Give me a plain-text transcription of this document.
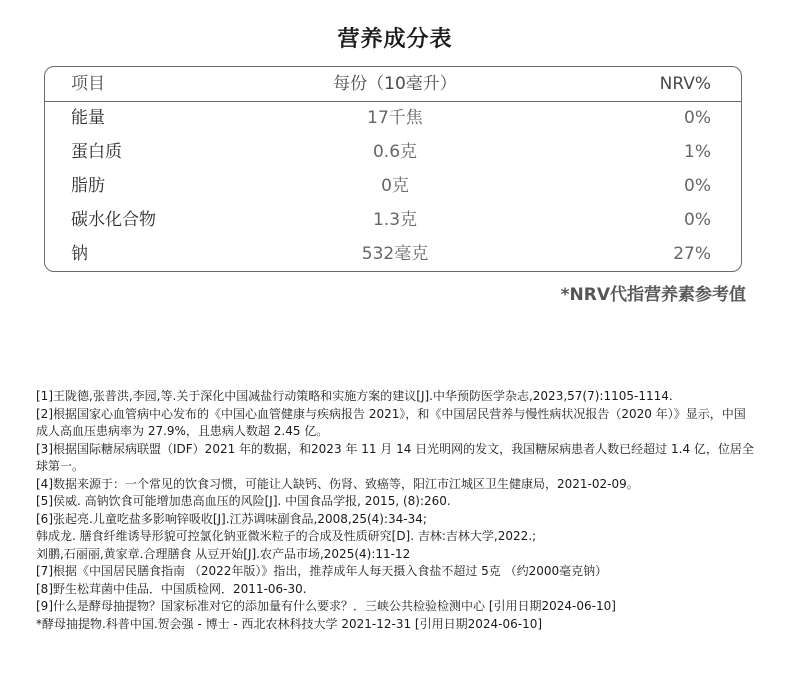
营养成分表
项目	每份（10毫升）	NRV%
能量	17千焦	0%
蛋白质	0.6克	1%
脂肪	0克	0%
碳水化合物	1.3克	0%
钠	532毫克	27%
*NRV代指营养素参考值

[1]王陇德,张普洪,李园,等.关于深化中国减盐行动策略和实施方案的建议[J].中华预防医学杂志,2023,57(7):1105-1114.

[2]根据国家心血管病中心发布的《中国心血管健康与疾病报告 2021》，和《中国居民营养与慢性病状况报告（2020 年）》显示，中国成人高血压患病率为 27.9%，且患病人数超 2.45 亿。

[3]根据国际糖尿病联盟（IDF）2021 年的数据，和2023 年 11 月 14 日光明网的发文，我国糖尿病患者人数已经超过 1.4 亿，位居全球第一。

[4]数据来源于：一个常见的饮食习惯，可能让人缺钙、伤肾、致癌等，阳江市江城区卫生健康局，2021-02-09。

[5]侯威. 高钠饮食可能增加患高血压的风险[J]. 中国食品学报, 2015, (8):260.

[6]张起亮.儿童吃盐多影响锌吸收[J].江苏调味副食品,2008,25(4):34-34;

韩成龙. 膳食纤维诱导形貌可控氯化钠亚微米粒子的合成及性质研究[D]. 吉林:吉林大学,2022.;

刘鹏,石丽丽,黄家章.合理膳食 从豆开始[J].农产品市场,2025(4):11-12

[7]根据《中国居民膳食指南 （2022年版）》指出，推荐成年人每天摄入食盐不超过 5克 （约2000毫克钠）

[8]野生松茸菌中佳品．中国质检网．2011-06-30.

[9]什么是酵母抽提物？国家标准对它的添加量有什么要求？．三峡公共检验检测中心 [引用日期2024-06-10]

*酵母抽提物.科普中国.贺会强 - 博士 - 西北农林科技大学 2021-12-31 [引用日期2024-06-10]
